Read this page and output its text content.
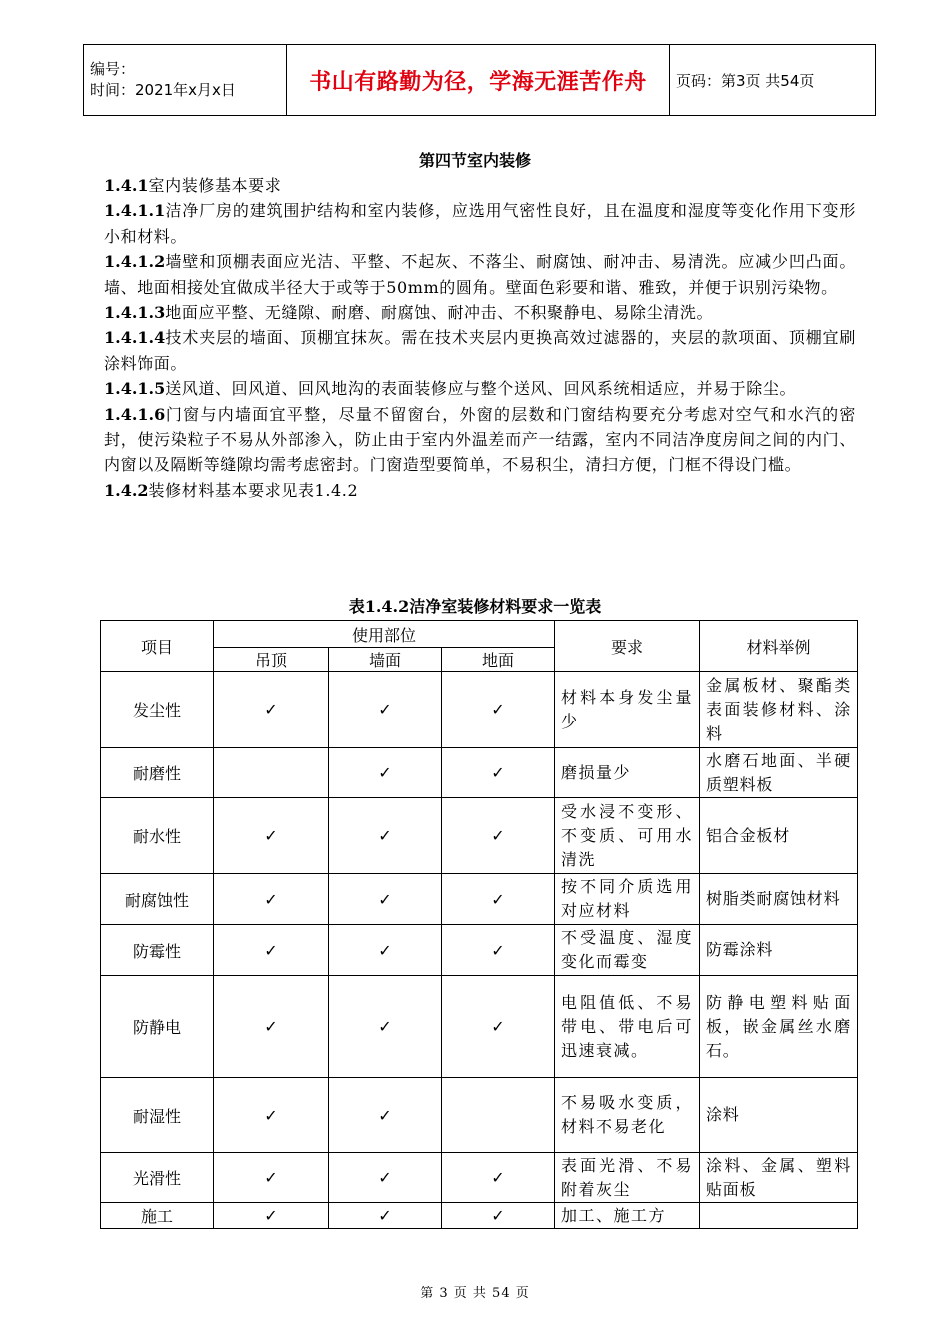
编号：
时间：2021年x月x日	书山有路勤为径，学海无涯苦作舟	页码：第3页 共54页
第四节室内装修

1.4.1室内装修基本要求

1.4.1.1洁净厂房的建筑围护结构和室内装修，应选用气密性良好，且在温度和湿度等变化作用下变形小和材料。

1.4.1.2墙壁和顶棚表面应光洁、平整、不起灰、不落尘、耐腐蚀、耐冲击、易清洗。应减少凹凸面。墙、地面相接处宜做成半径大于或等于50mm的圆角。壁面色彩要和谐、雅致，并便于识别污染物。

1.4.1.3地面应平整、无缝隙、耐磨、耐腐蚀、耐冲击、不积聚静电、易除尘清洗。

1.4.1.4技术夹层的墙面、顶棚宜抹灰。需在技术夹层内更换高效过滤器的，夹层的款项面、顶棚宜刷涂料饰面。

1.4.1.5送风道、回风道、回风地沟的表面装修应与整个送风、回风系统相适应，并易于除尘。

1.4.1.6门窗与内墙面宜平整，尽量不留窗台，外窗的层数和门窗结构要充分考虑对空气和水汽的密封，使污染粒子不易从外部渗入，防止由于室内外温差而产一结露，室内不同洁净度房间之间的内门、内窗以及隔断等缝隙均需考虑密封。门窗造型要简单，不易积尘，清扫方便，门框不得设门槛。

1.4.2装修材料基本要求见表1.4.2

表1.4.2洁净室装修材料要求一览表
项目	使用部位			要求	材料举例
	吊顶	墙面	地面		
发尘性	✓	✓	✓	材料本身发尘量少	金属板材、聚酯类表面装修材料、涂料
耐磨性		✓	✓	磨损量少	水磨石地面、半硬质塑料板
耐水性	✓	✓	✓	受水浸不变形、不变质、可用水清洗	铝合金板材
耐腐蚀性	✓	✓	✓	按不同介质选用对应材料	树脂类耐腐蚀材料
防霉性	✓	✓	✓	不受温度、湿度变化而霉变	防霉涂料
防静电	✓	✓	✓	电阻值低、不易带电、带电后可迅速衰减。	防静电塑料贴面板，嵌金属丝水磨石。
耐湿性	✓	✓		不易吸水变质，材料不易老化	涂料
光滑性	✓	✓	✓	表面光滑、不易附着灰尘	涂料、金属、塑料贴面板
施工	✓	✓	✓	加工、施工方	
第 3 页 共 54 页
